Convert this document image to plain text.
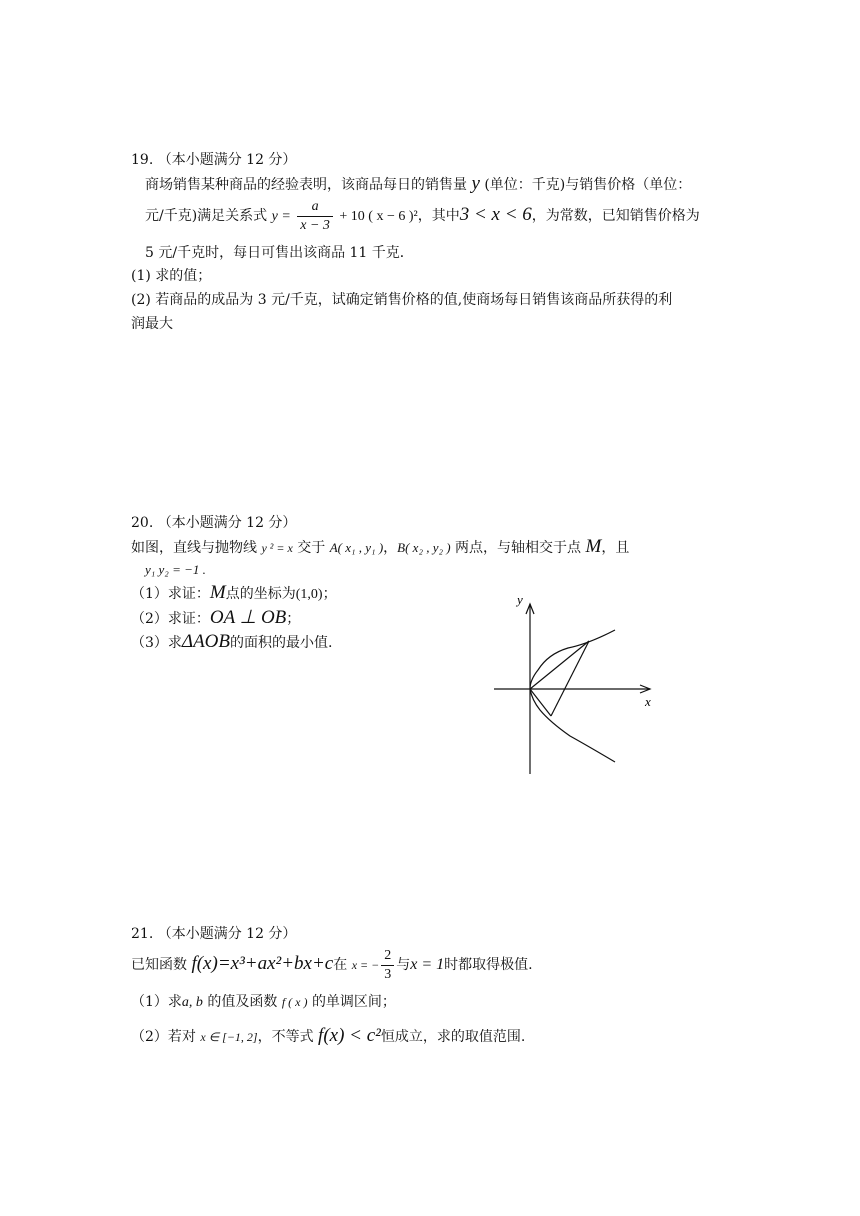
19. （本小题满分 12 分）
商场销售某种商品的经验表明，该商品每日的销售量 y (单位：千克)与销售价格（单位：
元/千克)满足关系式 $y = \frac{a}{x - 3} + 10$ ( x − 6 )²，其中3 < x < 6，为常数，已知销售价格为
5 元/千克时，每日可售出该商品 11 千克．
(1) 求的值；
(2) 若商品的成品为 3 元/千克，试确定销售价格的值,使商场每日销售该商品所获得的利
润最大
20. （本小题满分 12 分）
如图，直线与抛物线 y ² = x 交于 A( x₁ , y₁ )，B( x₂ , y₂ ) 两点，与轴相交于点 M，且
y₁ y₂ = −1 .
（1）求证：M点的坐标为(1,0)；
（2）求证：OA ⊥ OB；
（3）求ΔAOB的面积的最小值.
y
x
21. （本小题满分 12 分）
已知函数 f(x)=x³+ax²+bx+c在 x = − $\frac{2}{3}$ 与x = 1时都取得极值.
（1）求a, b 的值及函数 f ( x ) 的单调区间；
（2）若对 x ∈ [−1, 2]，不等式 f(x) < c²恒成立，求的取值范围.
